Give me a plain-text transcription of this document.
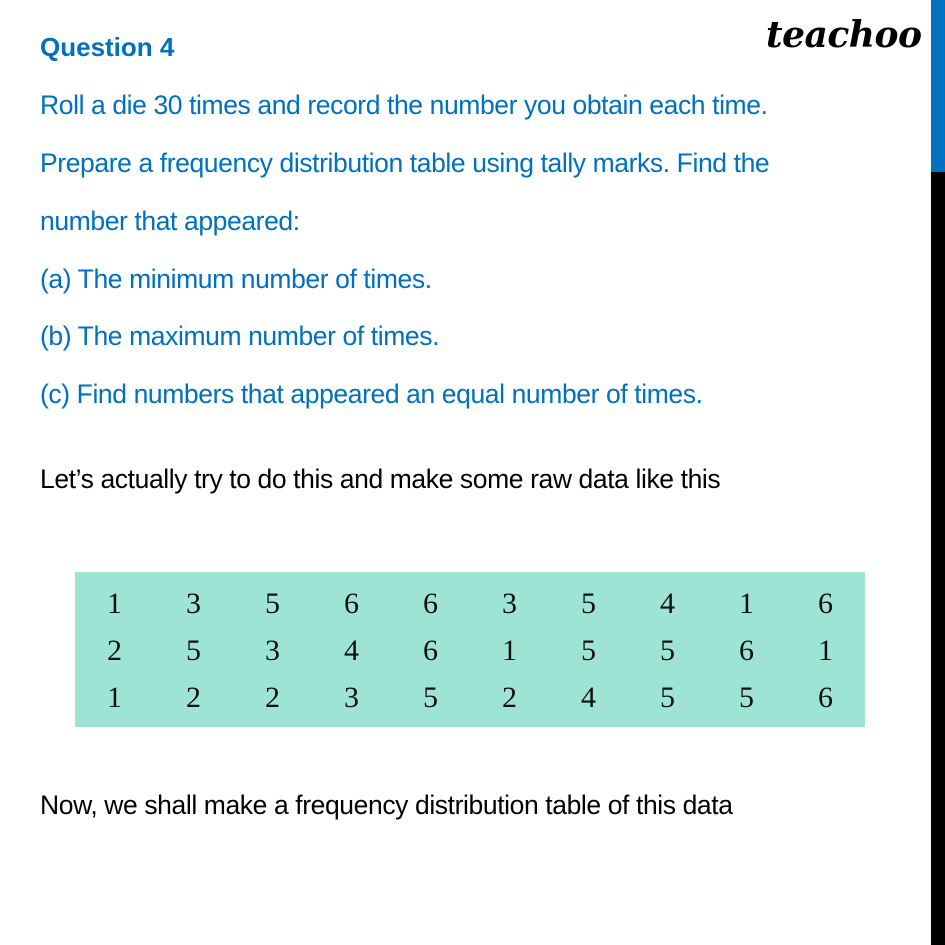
teachoo
Question 4
Roll a die 30 times and record the number you obtain each time.
Prepare a frequency distribution table using tally marks. Find the
number that appeared:
(a) The minimum number of times.
(b) The maximum number of times.
(c) Find numbers that appeared an equal number of times.
Let’s actually try to do this and make some raw data like this
1	3	5	6	6	3	5	4	1	6
2	5	3	4	6	1	5	5	6	1
1	2	2	3	5	2	4	5	5	6
Now, we shall make a frequency distribution table of this data
